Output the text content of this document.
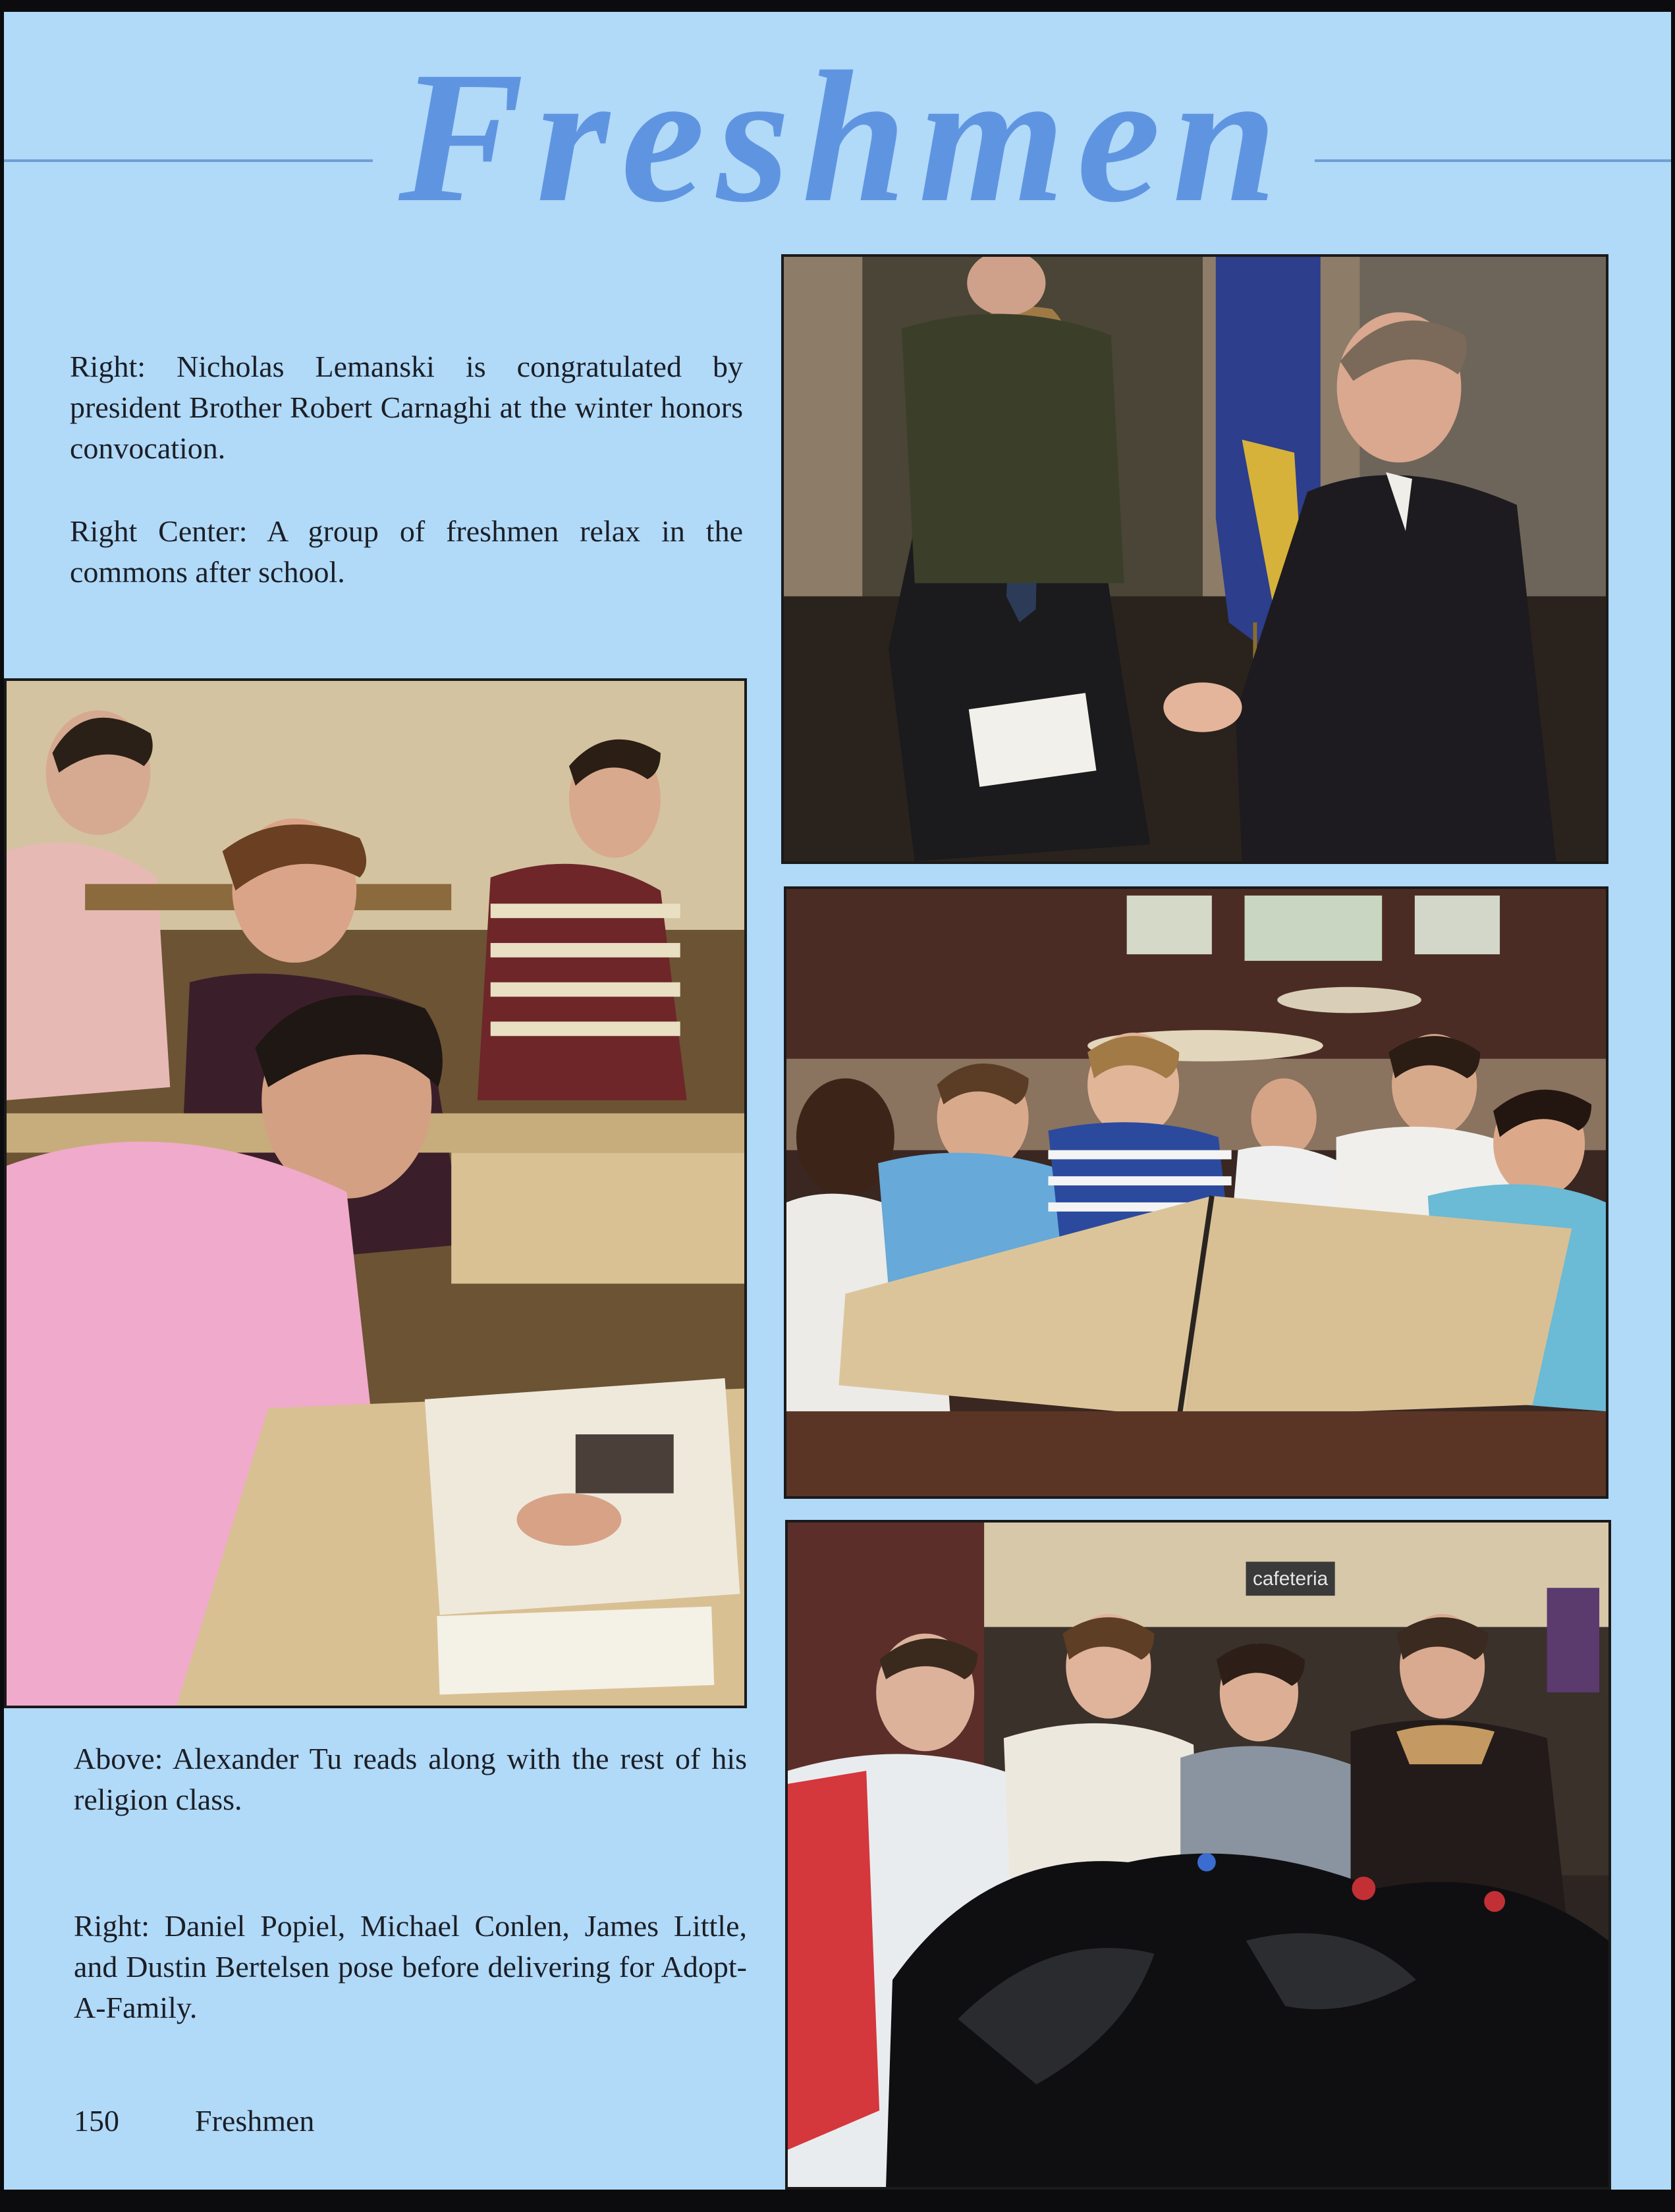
Freshmen
Right: Nicholas Lemanski is congratulated by president Brother Robert Carnaghi at the winter honors convocation.
Right Center: A group of freshmen relax in the commons after school.
Above: Alexander Tu reads along with the rest of his religion class.
Right: Daniel Popiel, Michael Conlen, James Little, and Dustin Bertelsen pose before delivering for Adopt-A-Family.
cafeteria
150	Freshmen
